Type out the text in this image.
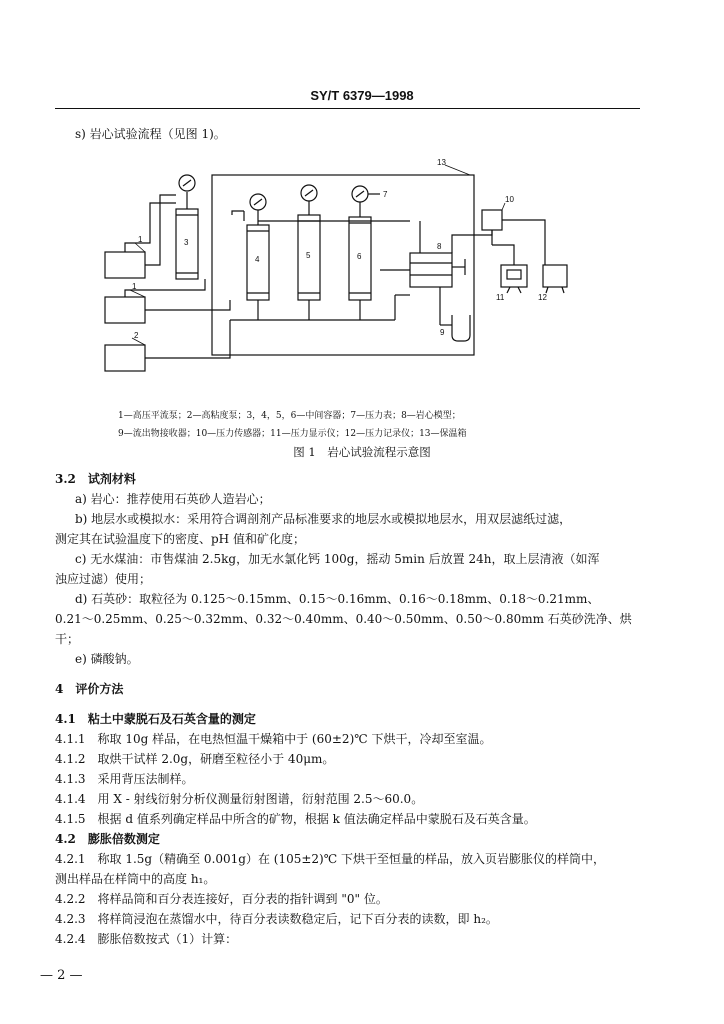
SY/T 6379—1998
s) 岩心试验流程（见图 1)。
1
1
2
3
4	5	6
7
8
9
10
11	12
13
1—高压平流泵；2—高粘度泵；3，4，5，6—中间容器；7—压力表；8—岩心模型；
9—流出物接收器；10—压力传感器；11—压力显示仪；12—压力记录仪；13—保温箱
图 1　岩心试验流程示意图
3.2　试剂材料
a) 岩心：推荐使用石英砂人造岩心；
b) 地层水或模拟水：采用符合调剖剂产品标准要求的地层水或模拟地层水，用双层滤纸过滤，
测定其在试验温度下的密度、pH 值和矿化度；
c) 无水煤油：市售煤油 2.5kg，加无水氯化钙 100g，摇动 5min 后放置 24h，取上层清液（如浑
浊应过滤）使用；
d) 石英砂：取粒径为 0.125～0.15mm、0.15～0.16mm、0.16～0.18mm、0.18～0.21mm、
0.21～0.25mm、0.25～0.32mm、0.32～0.40mm、0.40～0.50mm、0.50～0.80mm 石英砂洗净、烘
干；
e) 磷酸钠。
4　评价方法
4.1　粘土中蒙脱石及石英含量的测定
4.1.1　称取 10g 样品，在电热恒温干燥箱中于 (60±2)℃ 下烘干，冷却至室温。
4.1.2　取烘干试样 2.0g，研磨至粒径小于 40μm。
4.1.3　采用背压法制样。
4.1.4　用 X - 射线衍射分析仪测量衍射图谱，衍射范围 2.5～60.0。
4.1.5　根据 d 值系列确定样品中所含的矿物，根据 k 值法确定样品中蒙脱石及石英含量。
4.2　膨胀倍数测定
4.2.1　称取 1.5g（精确至 0.001g）在 (105±2)℃ 下烘干至恒量的样品，放入页岩膨胀仪的样筒中，
测出样品在样筒中的高度 h₁。
4.2.2　将样品筒和百分表连接好，百分表的指针调到 "0" 位。
4.2.3　将样筒浸泡在蒸馏水中，待百分表读数稳定后，记下百分表的读数，即 h₂。
4.2.4　膨胀倍数按式（1）计算：
— 2 —
